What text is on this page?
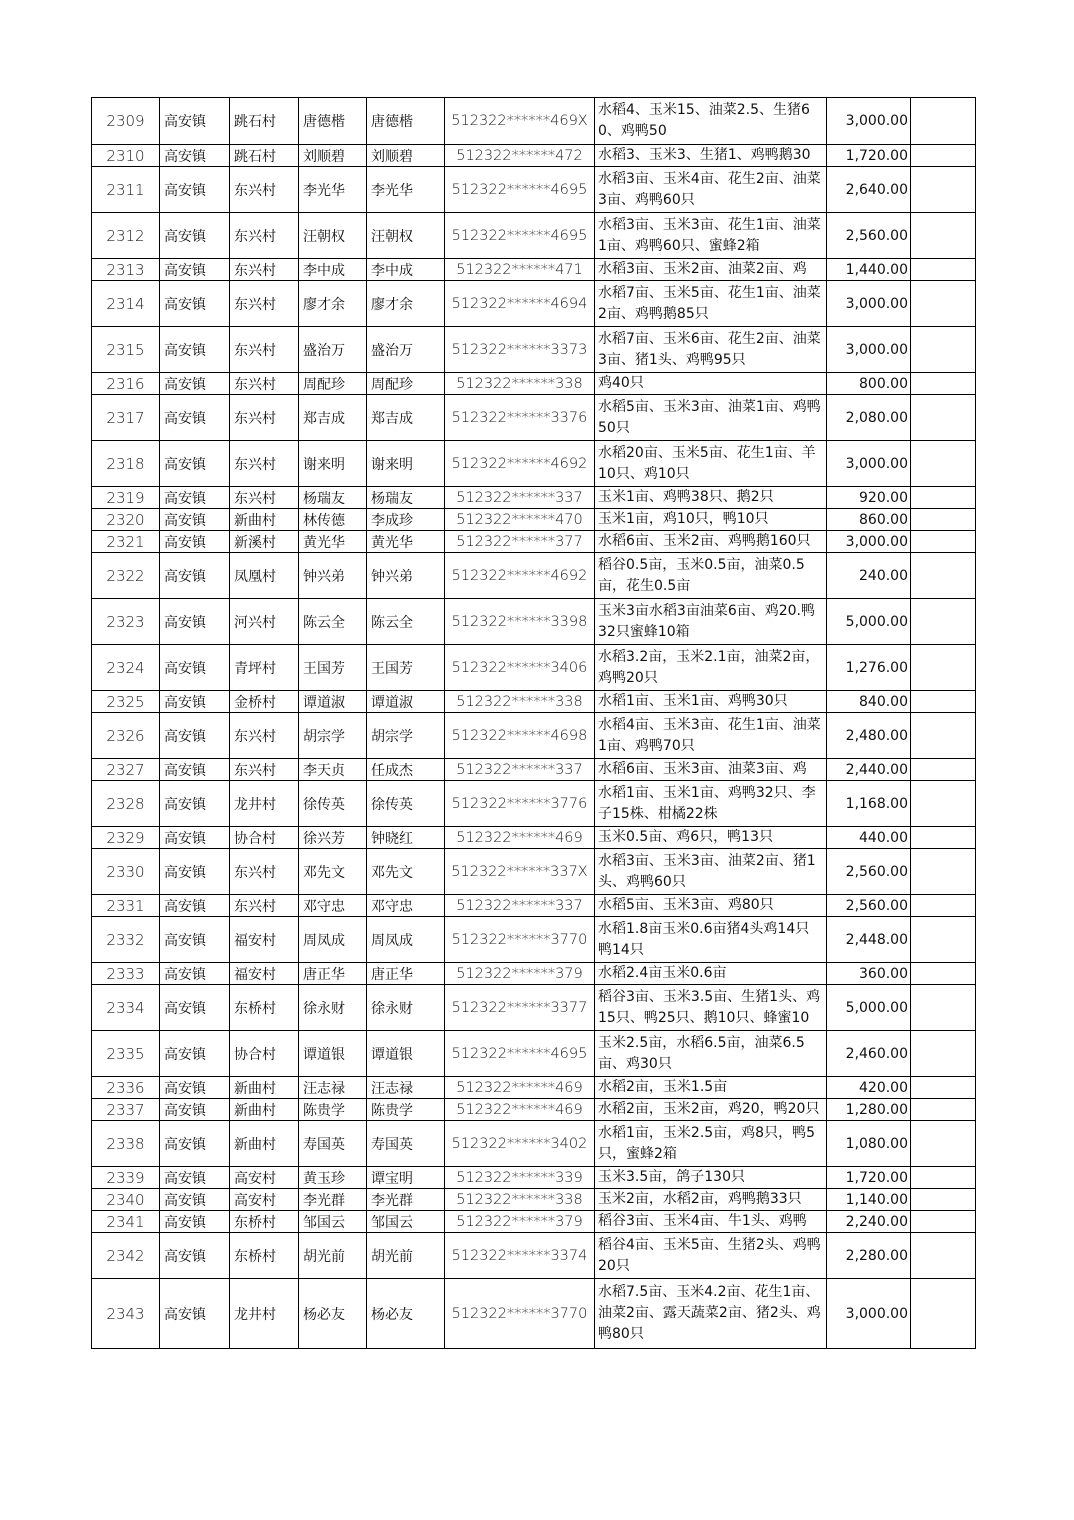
2309	高安镇	跳石村	唐德楷	唐德楷	512322******469X	水稻4、玉米15、油菜2.5、生猪60、鸡鸭50	3,000.00	
2310	高安镇	跳石村	刘顺碧	刘顺碧	512322******472	水稻3、玉米3、生猪1、鸡鸭鹅30	1,720.00	
2311	高安镇	东兴村	李光华	李光华	512322******4695	水稻3亩、玉米4亩、花生2亩、油菜3亩、鸡鸭60只	2,640.00	
2312	高安镇	东兴村	汪朝权	汪朝权	512322******4695	水稻3亩、玉米3亩、花生1亩、油菜1亩、鸡鸭60只、蜜蜂2箱	2,560.00	
2313	高安镇	东兴村	李中成	李中成	512322******471	水稻3亩、玉米2亩、油菜2亩、鸡	1,440.00	
2314	高安镇	东兴村	廖才余	廖才余	512322******4694	水稻7亩、玉米5亩、花生1亩、油菜2亩、鸡鸭鹅85只	3,000.00	
2315	高安镇	东兴村	盛治万	盛治万	512322******3373	水稻7亩、玉米6亩、花生2亩、油菜3亩、猪1头、鸡鸭95只	3,000.00	
2316	高安镇	东兴村	周配珍	周配珍	512322******338	鸡40只	800.00	
2317	高安镇	东兴村	郑吉成	郑吉成	512322******3376	水稻5亩、玉米3亩、油菜1亩、鸡鸭50只	2,080.00	
2318	高安镇	东兴村	谢来明	谢来明	512322******4692	水稻20亩、玉米5亩、花生1亩、羊10只、鸡10只	3,000.00	
2319	高安镇	东兴村	杨瑞友	杨瑞友	512322******337	玉米1亩、鸡鸭38只、鹅2只	920.00	
2320	高安镇	新曲村	林传德	李成珍	512322******470	玉米1亩，鸡10只，鸭10只	860.00	
2321	高安镇	新溪村	黄光华	黄光华	512322******377	水稻6亩、玉米2亩、鸡鸭鹅160只	3,000.00	
2322	高安镇	凤凰村	钟兴弟	钟兴弟	512322******4692	稻谷0.5亩，玉米0.5亩，油菜0.5亩，花生0.5亩	240.00	
2323	高安镇	河兴村	陈云全	陈云全	512322******3398	玉米3亩水稻3亩油菜6亩、鸡20.鸭32只蜜蜂10箱	5,000.00	
2324	高安镇	青坪村	王国芳	王国芳	512322******3406	水稻3.2亩，玉米2.1亩，油菜2亩，鸡鸭20只	1,276.00	
2325	高安镇	金桥村	谭道淑	谭道淑	512322******338	水稻1亩、玉米1亩、鸡鸭30只	840.00	
2326	高安镇	东兴村	胡宗学	胡宗学	512322******4698	水稻4亩、玉米3亩、花生1亩、油菜1亩、鸡鸭70只	2,480.00	
2327	高安镇	东兴村	李天贞	任成杰	512322******337	水稻6亩、玉米3亩、油菜3亩、鸡	2,440.00	
2328	高安镇	龙井村	徐传英	徐传英	512322******3776	水稻1亩、玉米1亩、鸡鸭32只、李子15株、柑橘22株	1,168.00	
2329	高安镇	协合村	徐兴芳	钟晓红	512322******469	玉米0.5亩、鸡6只，鸭13只	440.00	
2330	高安镇	东兴村	邓先文	邓先文	512322******337X	水稻3亩、玉米3亩、油菜2亩、猪1头、鸡鸭60只	2,560.00	
2331	高安镇	东兴村	邓守忠	邓守忠	512322******337	水稻5亩、玉米3亩、鸡80只	2,560.00	
2332	高安镇	福安村	周凤成	周凤成	512322******3770	水稻1.8亩玉米0.6亩猪4头鸡14只鸭14只	2,448.00	
2333	高安镇	福安村	唐正华	唐正华	512322******379	水稻2.4亩玉米0.6亩	360.00	
2334	高安镇	东桥村	徐永财	徐永财	512322******3377	稻谷3亩、玉米3.5亩、生猪1头、鸡15只、鸭25只、鹅10只、蜂蜜10	5,000.00	
2335	高安镇	协合村	谭道银	谭道银	512322******4695	玉米2.5亩，水稻6.5亩，油菜6.5亩、鸡30只	2,460.00	
2336	高安镇	新曲村	汪志禄	汪志禄	512322******469	水稻2亩，玉米1.5亩	420.00	
2337	高安镇	新曲村	陈贵学	陈贵学	512322******469	水稻2亩，玉米2亩，鸡20，鸭20只	1,280.00	
2338	高安镇	新曲村	寿国英	寿国英	512322******3402	水稻1亩，玉米2.5亩，鸡8只，鸭5只，蜜蜂2箱	1,080.00	
2339	高安镇	高安村	黄玉珍	谭宝明	512322******339	玉米3.5亩，鸽子130只	1,720.00	
2340	高安镇	高安村	李光群	李光群	512322******338	玉米2亩，水稻2亩，鸡鸭鹅33只	1,140.00	
2341	高安镇	东桥村	邹国云	邹国云	512322******379	稻谷3亩、玉米4亩、牛1头、鸡鸭	2,240.00	
2342	高安镇	东桥村	胡光前	胡光前	512322******3374	稻谷4亩、玉米5亩、生猪2头、鸡鸭20只	2,280.00	
2343	高安镇	龙井村	杨必友	杨必友	512322******3770	水稻7.5亩、玉米4.2亩、花生1亩、油菜2亩、露天蔬菜2亩、猪2头、鸡鸭80只	3,000.00	
